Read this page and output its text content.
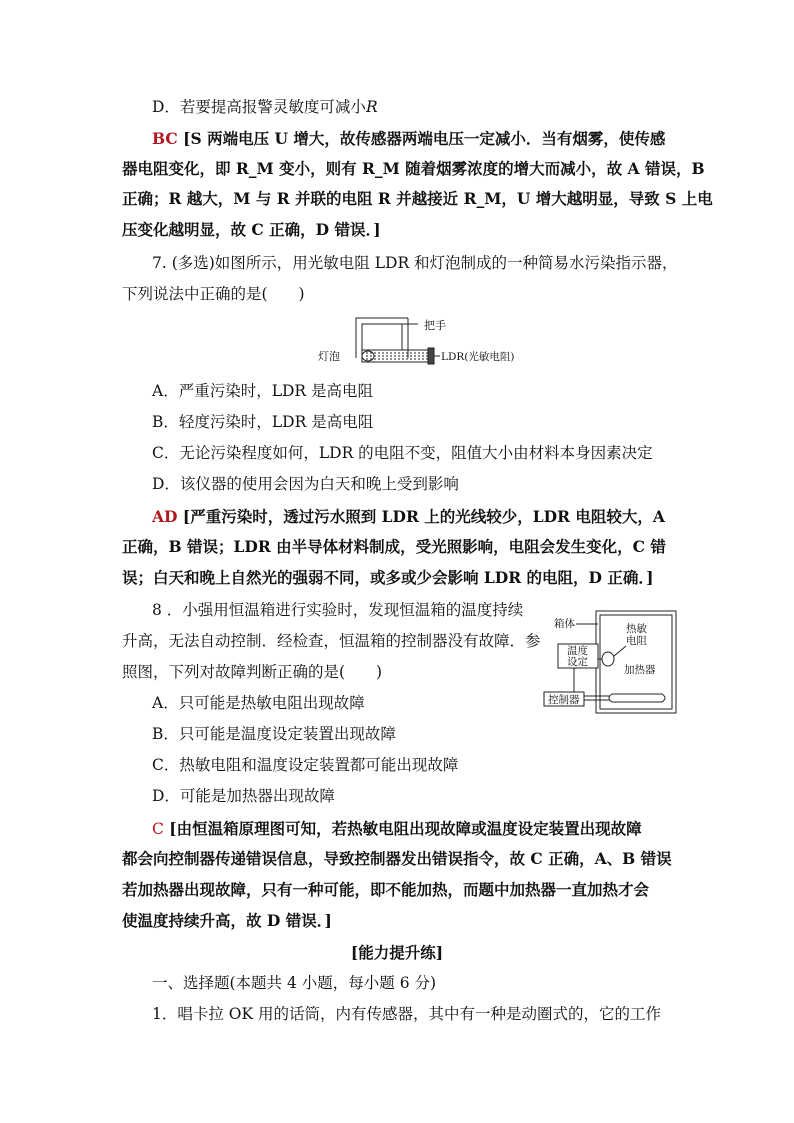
D．若要提高报警灵敏度可减小R
BC [S 两端电压 U 增大，故传感器两端电压一定减小．当有烟雾，使传感
器电阻变化，即 R_M 变小，则有 R_M 随着烟雾浓度的增大而减小，故 A 错误，B
正确；R 越大，M 与 R 并联的电阻 R 并越接近 R_M，U 增大越明显，导致 S 上电
压变化越明显，故 C 正确，D 错误．]
7. (多选)如图所示，用光敏电阻 LDR 和灯泡制成的一种简易水污染指示器，
下列说法中正确的是(　　)
把手
灯泡	LDR(光敏电阻)
A．严重污染时，LDR 是高电阻
B．轻度污染时，LDR 是高电阻
C．无论污染程度如何，LDR 的电阻不变，阻值大小由材料本身因素决定
D．该仪器的使用会因为白天和晚上受到影响
AD [严重污染时，透过污水照到 LDR 上的光线较少，LDR 电阻较大，A
正确，B 错误；LDR 由半导体材料制成，受光照影响，电阻会发生变化，C 错
误；白天和晚上自然光的强弱不同，或多或少会影响 LDR 的电阻，D 正确．]
8 ．小强用恒温箱进行实验时，发现恒温箱的温度持续
升高，无法自动控制．经检查，恒温箱的控制器没有故障．参
照图，下列对故障判断正确的是(　　)
箱体
温度
设定
热敏
电阻
加热器
控制器
A．只可能是热敏电阻出现故障
B．只可能是温度设定装置出现故障
C．热敏电阻和温度设定装置都可能出现故障
D．可能是加热器出现故障
C [由恒温箱原理图可知，若热敏电阻出现故障或温度设定装置出现故障
都会向控制器传递错误信息，导致控制器发出错误指令，故 C 正确，A、B 错误
若加热器出现故障，只有一种可能，即不能加热，而题中加热器一直加热才会
使温度持续升高，故 D 错误．]
[能力提升练]
一、选择题(本题共 4 小题，每小题 6 分)
1．唱卡拉 OK 用的话筒，内有传感器，其中有一种是动圈式的，它的工作
